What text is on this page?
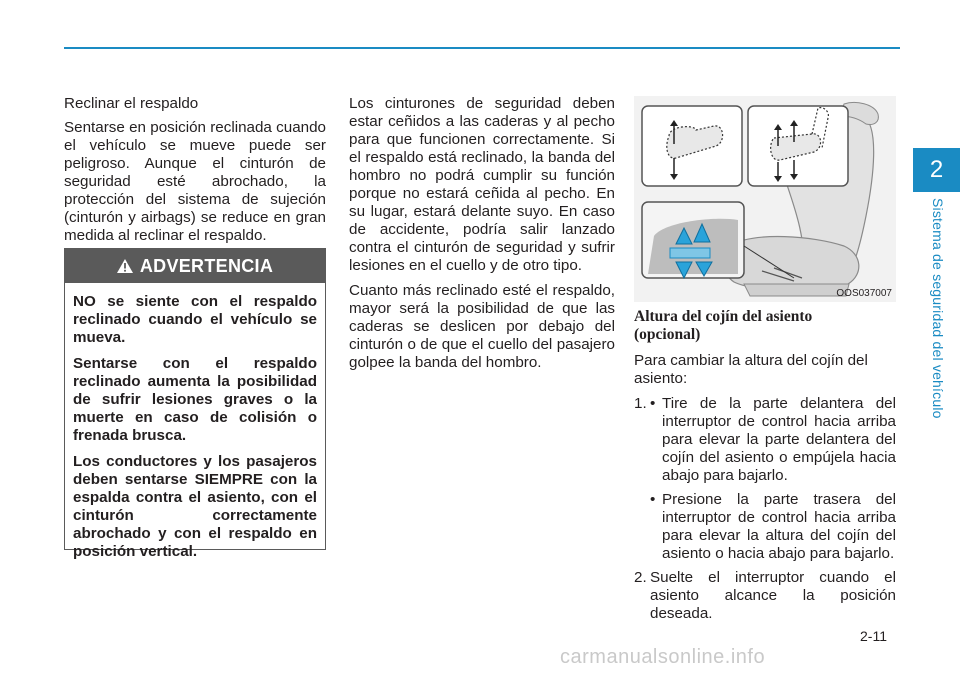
Reclinar el respaldo

Sentarse en posición reclinada cuando el vehículo se mueve puede ser peligroso. Aunque el cinturón de seguridad esté abrochado, la protección del sistema de sujeción (cinturón y airbags) se reduce en gran medida al reclinar el respaldo.

ADVERTENCIA

NO se siente con el respaldo reclinado cuando el vehículo se mueva.

Sentarse con el respaldo reclinado aumenta la posibilidad de sufrir lesiones graves o la muerte en caso de colisión o frenada brusca.

Los conductores y los pasajeros deben sentarse SIEMPRE con la espalda contra el asiento, con el cinturón correctamente abrochado y con el respaldo en posición vertical.

Los cinturones de seguridad deben estar ceñidos a las caderas y al pecho para que funcionen correctamente. Si el respaldo está reclinado, la banda del hombro no podrá cumplir su función porque no estará ceñida al pecho. En su lugar, estará delante suyo. En caso de accidente, podría salir lanzado contra el cinturón de seguridad y sufrir lesiones en el cuello y de otro tipo.

Cuanto más reclinado esté el respaldo, mayor será la posibilidad de que las caderas se deslicen por debajo del cinturón o de que el cuello del pasajero golpee la banda del hombro.

OOS037007
Altura del cojín del asiento
(opcional)

Para cambiar la altura del cojín del asiento:

1. • Tire de la parte delantera del interruptor de control hacia arriba para elevar la parte delantera del cojín del asiento o empújela hacia abajo para bajarlo.
• Presione la parte trasera del interruptor de control hacia arriba para elevar la altura del cojín del asiento o hacia abajo para bajarlo.
2. Suelte el interruptor cuando el asiento alcance la posición deseada.
2
Sistema de seguridad del vehículo
2-11
carmanualsonline.info
